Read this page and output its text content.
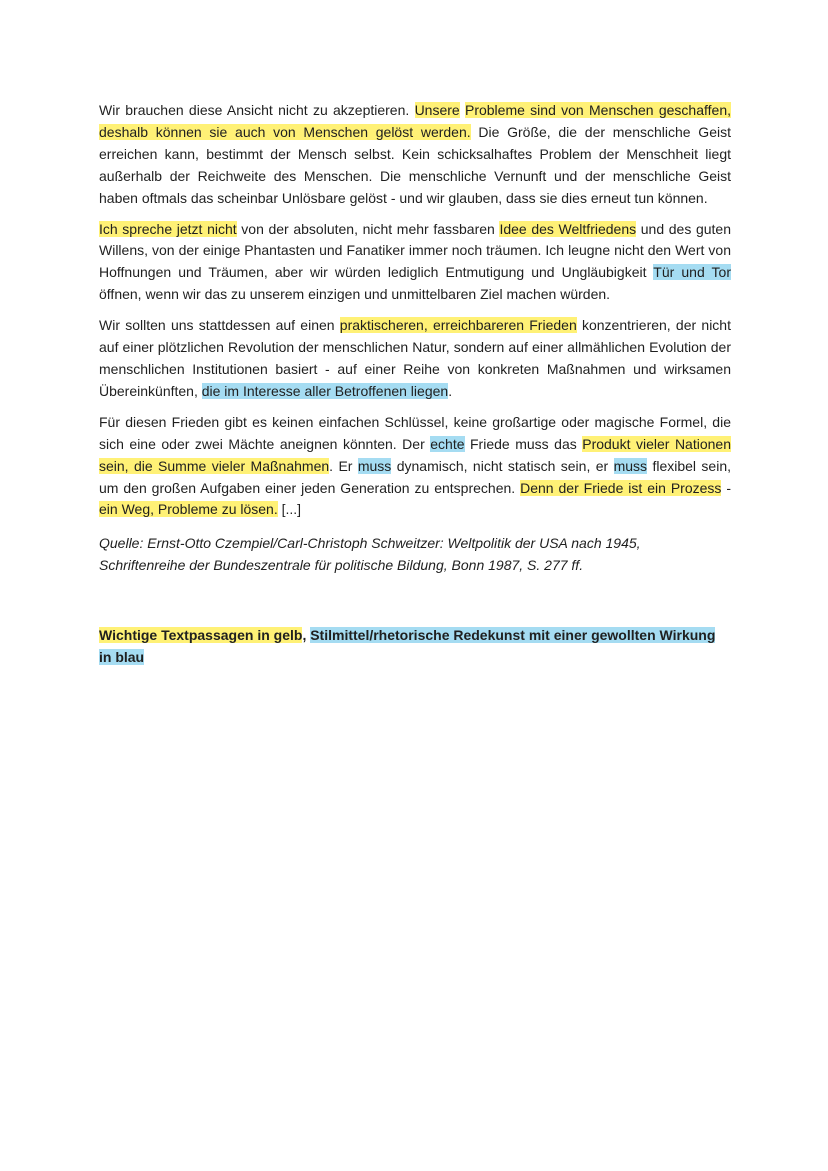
Wir brauchen diese Ansicht nicht zu akzeptieren. Unsere Probleme sind von Menschen geschaffen, deshalb können sie auch von Menschen gelöst werden. Die Größe, die der menschliche Geist erreichen kann, bestimmt der Mensch selbst. Kein schicksalhaftes Problem der Menschheit liegt außerhalb der Reichweite des Menschen. Die menschliche Vernunft und der menschliche Geist haben oftmals das scheinbar Unlösbare gelöst - und wir glauben, dass sie dies erneut tun können.

Ich spreche jetzt nicht von der absoluten, nicht mehr fassbaren Idee des Weltfriedens und des guten Willens, von der einige Phantasten und Fanatiker immer noch träumen. Ich leugne nicht den Wert von Hoffnungen und Träumen, aber wir würden lediglich Entmutigung und Ungläubigkeit Tür und Tor öffnen, wenn wir das zu unserem einzigen und unmittelbaren Ziel machen würden.

Wir sollten uns stattdessen auf einen praktischeren, erreichbareren Frieden konzentrieren, der nicht auf einer plötzlichen Revolution der menschlichen Natur, sondern auf einer allmählichen Evolution der menschlichen Institutionen basiert - auf einer Reihe von konkreten Maßnahmen und wirksamen Übereinkünften, die im Interesse aller Betroffenen liegen.

Für diesen Frieden gibt es keinen einfachen Schlüssel, keine großartige oder magische Formel, die sich eine oder zwei Mächte aneignen könnten. Der echte Friede muss das Produkt vieler Nationen sein, die Summe vieler Maßnahmen. Er muss dynamisch, nicht statisch sein, er muss flexibel sein, um den großen Aufgaben einer jeden Generation zu entsprechen. Denn der Friede ist ein Prozess - ein Weg, Probleme zu lösen. [...]

Quelle: Ernst-Otto Czempiel/Carl-Christoph Schweitzer: Weltpolitik der USA nach 1945,
Schriftenreihe der Bundeszentrale für politische Bildung, Bonn 1987, S. 277 ff.
Wichtige Textpassagen in gelb, Stilmittel/rhetorische Redekunst mit einer gewollten Wirkung in blau
